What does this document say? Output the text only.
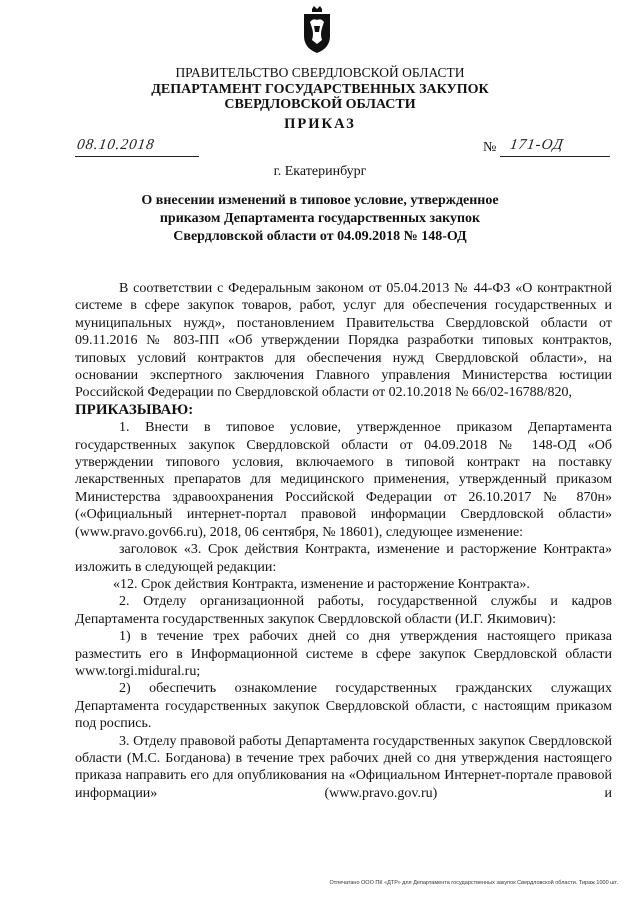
ПРАВИТЕЛЬСТВО СВЕРДЛОВСКОЙ ОБЛАСТИ
ДЕПАРТАМЕНТ ГОСУДАРСТВЕННЫХ ЗАКУПОК
СВЕРДЛОВСКОЙ ОБЛАСТИ
ПРИКАЗ
08.10.2018	№ 171-ОД
г. Екатеринбург
О внесении изменений в типовое условие, утвержденное
приказом Департамента государственных закупок
Свердловской области от 04.09.2018 № 148-ОД

В соответствии с Федеральным законом от 05.04.2013 № 44-ФЗ «О контрактной системе в сфере закупок товаров, работ, услуг для обеспечения государственных и муниципальных нужд», постановлением Правительства Свердловской области от 09.11.2016 № 803-ПП «Об утверждении Порядка разработки типовых контрактов, типовых условий контрактов для обеспечения нужд Свердловской области», на основании экспертного заключения Главного управления Министерства юстиции Российской Федерации по Свердловской области от 02.10.2018 № 66/02-16788/820,

ПРИКАЗЫВАЮ:

1. Внести в типовое условие, утвержденное приказом Департамента государственных закупок Свердловской области от 04.09.2018 № 148-ОД «Об утверждении типового условия, включаемого в типовой контракт на поставку лекарственных препаратов для медицинского применения, утвержденный приказом Министерства здравоохранения Российской Федерации от 26.10.2017 № 870н» («Официальный интернет-портал правовой информации Свердловской области» (www.pravo.gov66.ru), 2018, 06 сентября, № 18601), следующее изменение:

заголовок «3. Срок действия Контракта, изменение и расторжение Контракта» изложить в следующей редакции:

«12. Срок действия Контракта, изменение и расторжение Контракта».

2. Отделу организационной работы, государственной службы и кадров Департамента государственных закупок Свердловской области (И.Г. Якимович):

1) в течение трех рабочих дней со дня утверждения настоящего приказа разместить его в Информационной системе в сфере закупок Свердловской области www.torgi.midural.ru;

2) обеспечить ознакомление государственных гражданских служащих Департамента государственных закупок Свердловской области, с настоящим приказом под роспись.

3. Отделу правовой работы Департамента государственных закупок Свердловской области (М.С. Богданова) в течение трех рабочих дней со дня утверждения настоящего приказа направить его для опубликования на «Официальном Интернет-портале правовой информации» (www.pravo.gov.ru) и

Отпечатано ООО ПК «ДТР» для Департамента государственных закупок Свердловской области. Тираж 1000 шт.
